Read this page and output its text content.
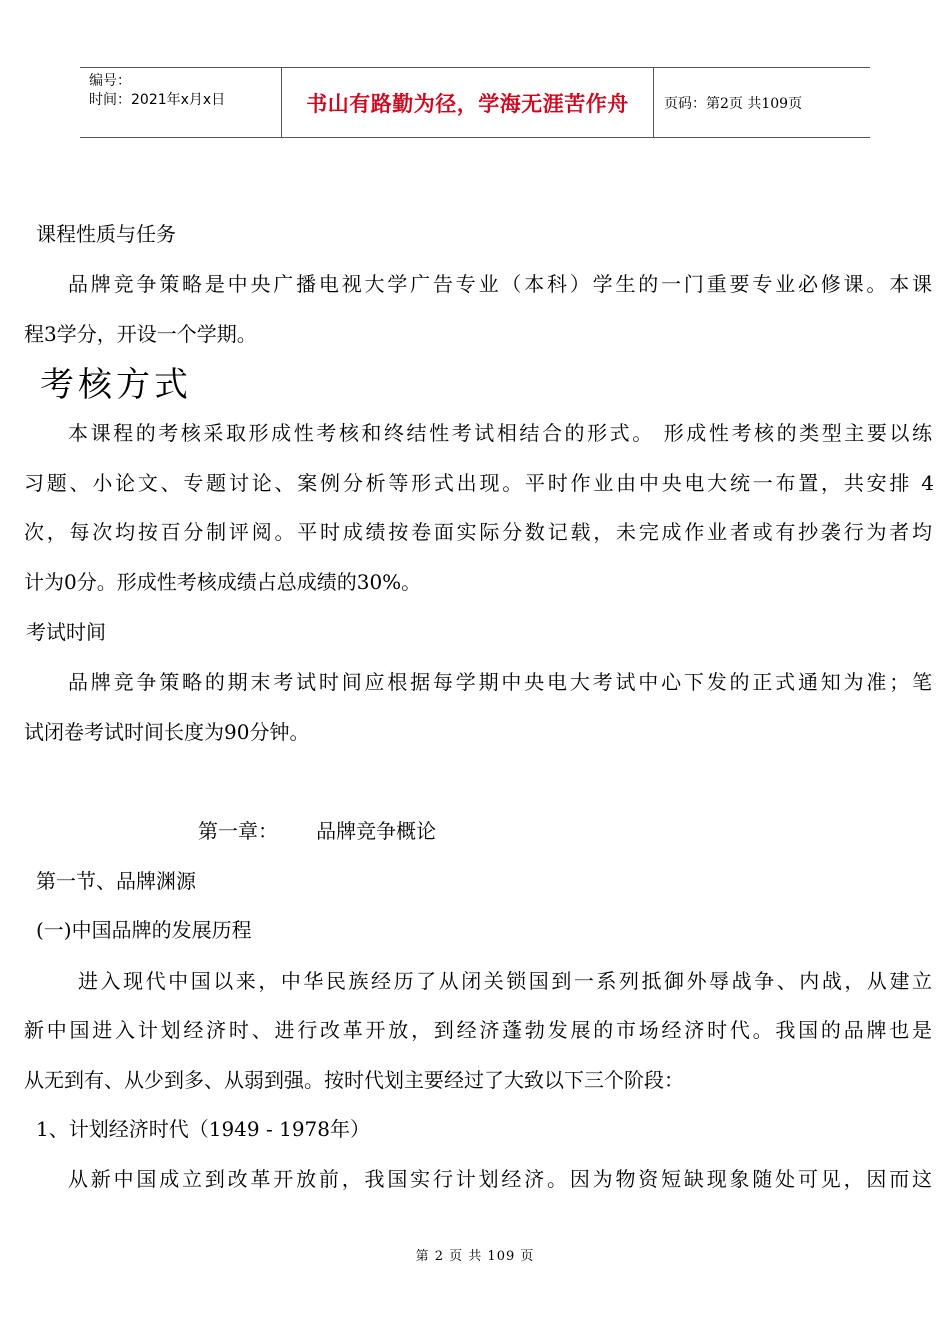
编号：
时间：2021年x月x日	书山有路勤为径，学海无涯苦作舟	页码：第2页 共109页
课程性质与任务
品牌竞争策略是中央广播电视大学广告专业（本科）学生的一门重要专业必修课。本课
程3学分，开设一个学期。
考核方式
本课程的考核采取形成性考核和终结性考试相结合的形式。 形成性考核的类型主要以练
习题、小论文、专题讨论、案例分析等形式出现。平时作业由中央电大统一布置，共安排 4
次，每次均按百分制评阅。平时成绩按卷面实际分数记载，未完成作业者或有抄袭行为者均
计为0分。形成性考核成绩占总成绩的30%。
考试时间
品牌竞争策略的期末考试时间应根据每学期中央电大考试中心下发的正式通知为准；笔
试闭卷考试时间长度为90分钟。
第一章：      品牌竞争概论
第一节、品牌渊源
(一)中国品牌的发展历程
进入现代中国以来，中华民族经历了从闭关锁国到一系列抵御外辱战争、内战，从建立
新中国进入计划经济时、进行改革开放，到经济蓬勃发展的市场经济时代。我国的品牌也是
从无到有、从少到多、从弱到强。按时代划主要经过了大致以下三个阶段：
1、计划经济时代（1949 - 1978年）
从新中国成立到改革开放前，我国实行计划经济。因为物资短缺现象随处可见，因而这
第 2 页 共 109 页
